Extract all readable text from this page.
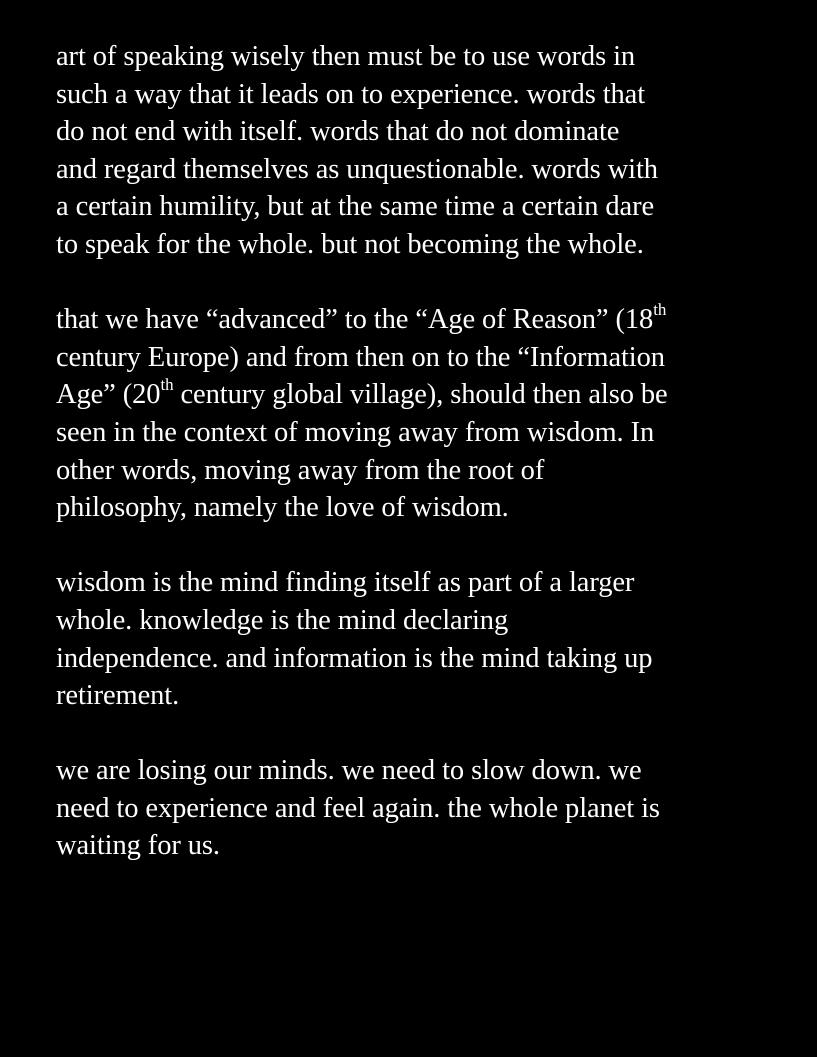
art of speaking wisely then must be to use words in
such a way that it leads on to experience. words that
do not end with itself. words that do not dominate
and regard themselves as unquestionable. words with
a certain humility, but at the same time a certain dare
to speak for the whole. but not becoming the whole.

that we have “advanced” to the “Age of Reason” (18th
century Europe) and from then on to the “Information
Age” (20th century global village), should then also be
seen in the context of moving away from wisdom. In
other words, moving away from the root of
philosophy, namely the love of wisdom.

wisdom is the mind finding itself as part of a larger
whole. knowledge is the mind declaring
independence. and information is the mind taking up
retirement.

we are losing our minds. we need to slow down. we
need to experience and feel again. the whole planet is
waiting for us.
